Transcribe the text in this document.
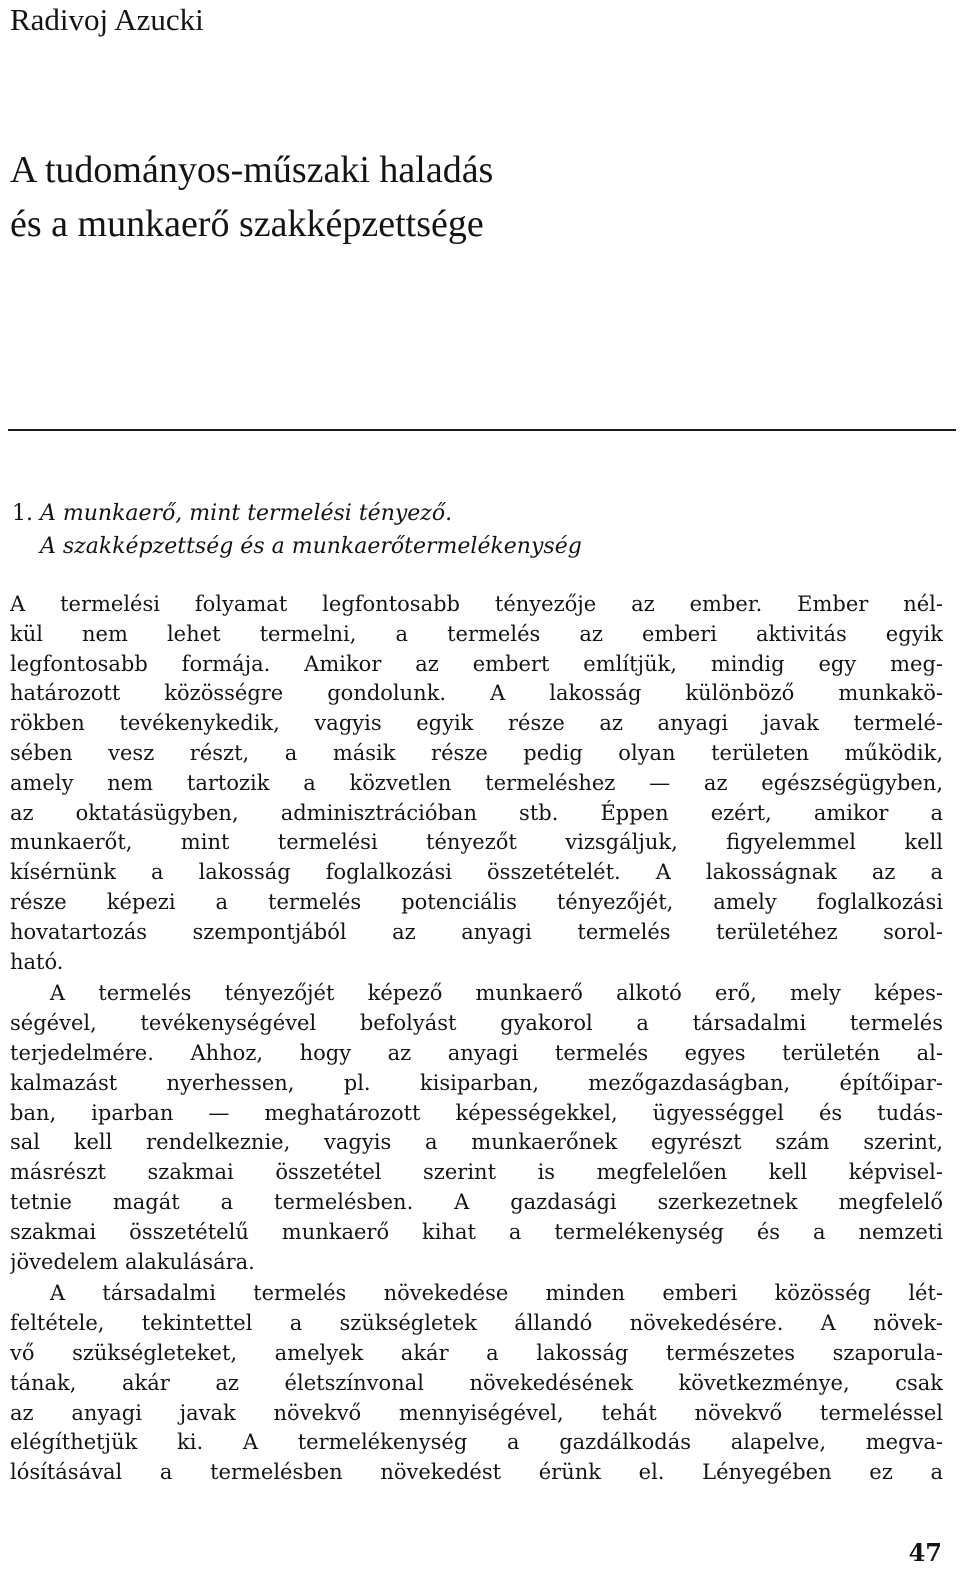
Radivoj Azucki
A tudományos-műszaki haladás
és a munkaerő szakképzettsége
1. A munkaerő, mint termelési tényező.
A szakképzettség és a munkaerőtermelékenység
A termelési folyamat legfontosabb tényezője az ember. Ember nél-
kül nem lehet termelni, a termelés az emberi aktivitás egyik
legfontosabb formája. Amikor az embert említjük, mindig egy meg-
határozott közösségre gondolunk. A lakosság különböző munkakö-
rökben tevékenykedik, vagyis egyik része az anyagi javak termelé-
sében vesz részt, a másik része pedig olyan területen működik,
amely nem tartozik a közvetlen termeléshez — az egészségügyben,
az oktatásügyben, adminisztrációban stb. Éppen ezért, amikor a
munkaerőt, mint termelési tényezőt vizsgáljuk, figyelemmel kell
kísérnünk a lakosság foglalkozási összetételét. A lakosságnak az a
része képezi a termelés potenciális tényezőjét, amely foglalkozási
hovatartozás szempontjából az anyagi termelés területéhez sorol-
ható.
A termelés tényezőjét képező munkaerő alkotó erő, mely képes-
ségével, tevékenységével befolyást gyakorol a társadalmi termelés
terjedelmére. Ahhoz, hogy az anyagi termelés egyes területén al-
kalmazást nyerhessen, pl. kisiparban, mezőgazdaságban, építőipar-
ban, iparban — meghatározott képességekkel, ügyességgel és tudás-
sal kell rendelkeznie, vagyis a munkaerőnek egyrészt szám szerint,
másrészt szakmai összetétel szerint is megfelelően kell képvisel-
tetnie magát a termelésben. A gazdasági szerkezetnek megfelelő
szakmai összetételű munkaerő kihat a termelékenység és a nemzeti
jövedelem alakulására.
A társadalmi termelés növekedése minden emberi közösség lét-
feltétele, tekintettel a szükségletek állandó növekedésére. A növek-
vő szükségleteket, amelyek akár a lakosság természetes szaporula-
tának, akár az életszínvonal növekedésének következménye, csak
az anyagi javak növekvő mennyiségével, tehát növekvő termeléssel
elégíthetjük ki. A termelékenység a gazdálkodás alapelve, megva-
lósításával a termelésben növekedést érünk el. Lényegében ez a
47
